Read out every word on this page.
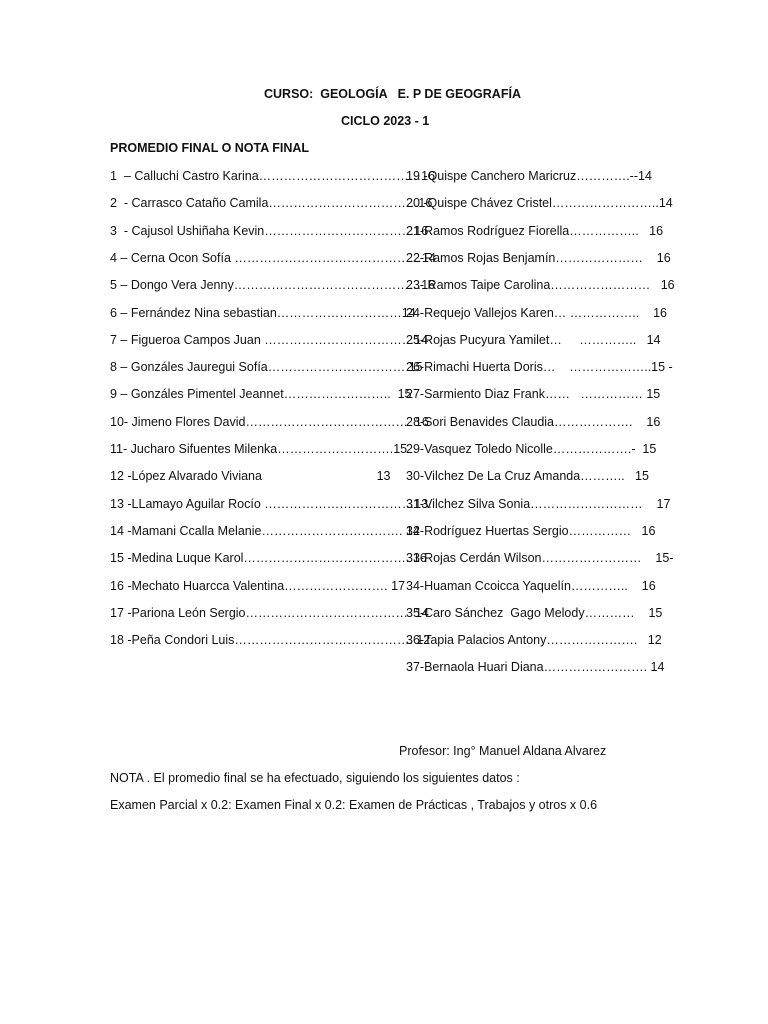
CURSO:  GEOLOGÍA   E. P DE GEOGRAFÍA
CICLO 2023 - 1
PROMEDIO FINAL O NOTA FINAL
1  – Calluchi Castro Karina…………………………………16
2  - Carrasco Cataño Camila………………………………16
3  - Cajusol Ushiñaha Kevin………………………………16
4 – Cerna Ocon Sofía ………………………………………14
5 – Dongo Vera Jenny………………………………………16
6 – Fernández Nina sebastian…………………………14
7 – Figueroa Campos Juan ………………………………14
8 – Gonzáles Jauregui Sofía…………………………… 15
9 – Gonzáles Pimentel Jeannet……………………..  15
10- Jimeno Flores David…………………………………  16
11- Jucharo Sifuentes Milenka……………………….15
12 -López Alvarado Viviana                                 13
13 -LLamayo Aguilar Rocío ………………………………13.
14 -Mamani Ccalla Melanie……………………………. 14
15 -Medina Luque Karol…………………………………. 16
16 -Mechato Huarcca Valentina……………………. 17
17 -Pariona León Sergio…………………………………  14
18 -Peña Condori Luis……………………………………. 12
19 -Quispe Canchero Maricruz………….--14
20 -Quispe Chávez Cristel……………………..14
21-Ramos Rodríguez Fiorella……………..   16
22-Ramos Rojas Benjamín…………………    16
23- Ramos Taipe Carolina……………………   16
24-Requejo Vallejos Karen… ……………..    16
25-Rojas Pucyura Yamilet…     …………..   14
26-Rimachi Huerta Doris…    ………………..15 -
27-Sarmiento Diaz Frank……   …………… 15
28-Sori Benavides Claudia……………….    16
29-Vasquez Toledo Nicolle……………….-  15
30-Vilchez De La Cruz Amanda………..   15
31-Vilchez Silva Sonia………………………    17
32-Rodríguez Huertas Sergio……………   16
33-Rojas Cerdán Wilson……………………    15-
34-Huaman Ccoicca Yaquelín…………..    16
35-Caro Sánchez  Gago Melody…………    15
36-Tapia Palacios Antony………………….   12
37-Bernaola Huari Diana……………………. 14
Profesor: Ing° Manuel Aldana Alvarez
NOTA . El promedio final se ha efectuado, siguiendo los siguientes datos :
Examen Parcial x 0.2: Examen Final x 0.2: Examen de Prácticas , Trabajos y otros x 0.6
